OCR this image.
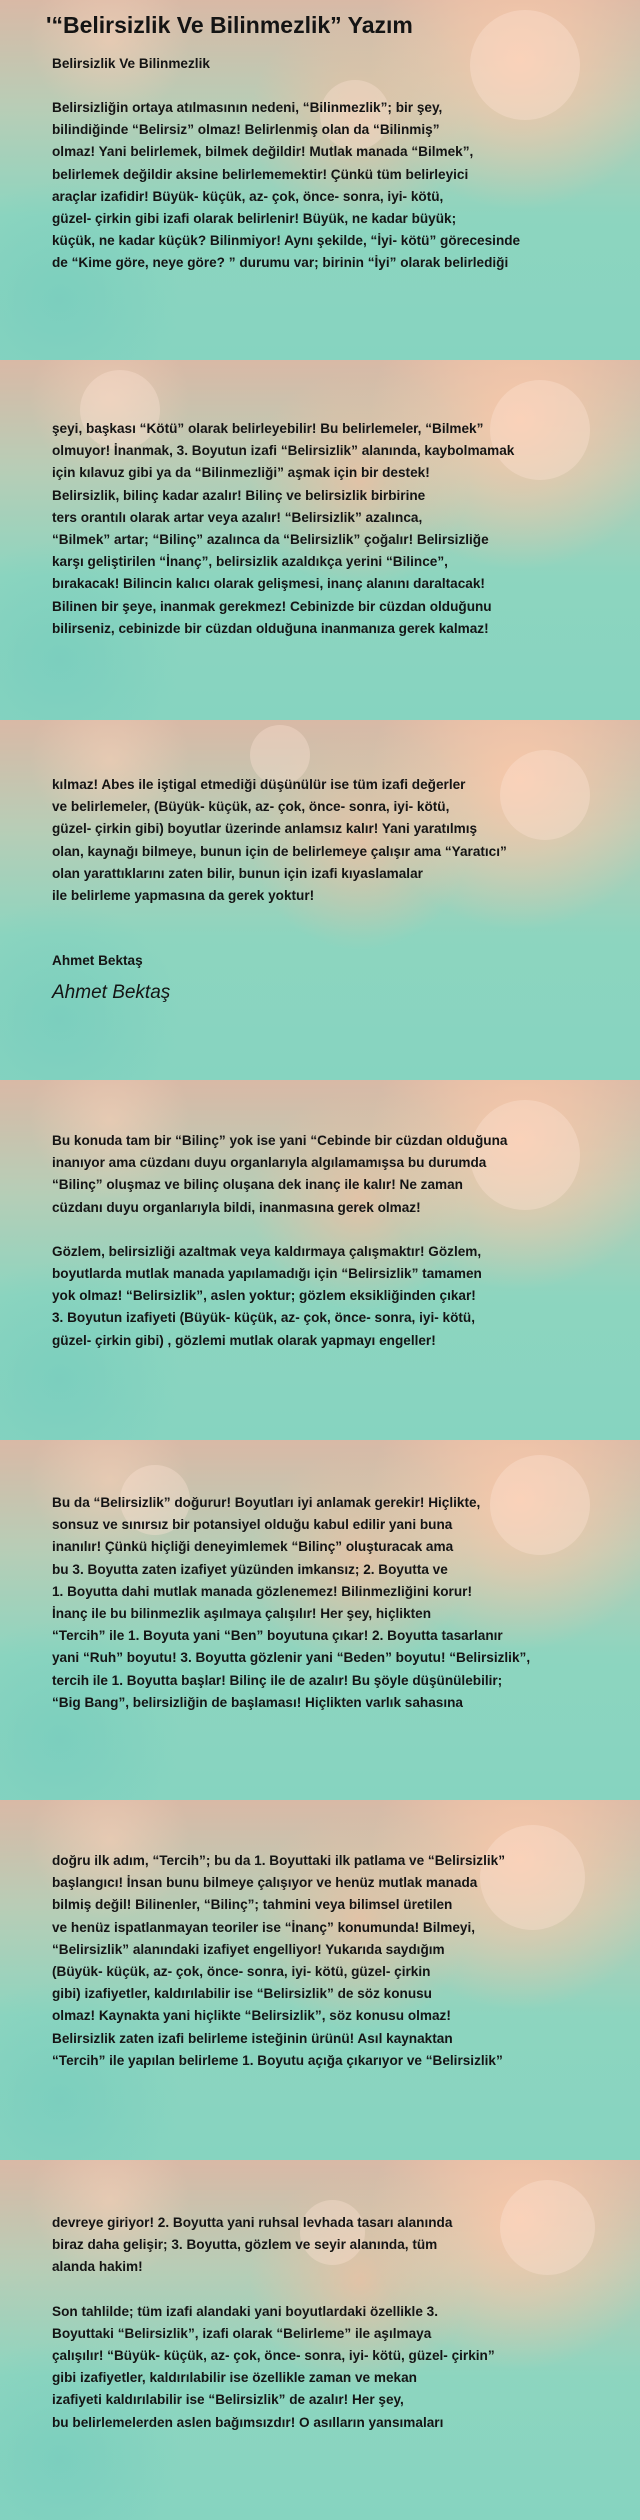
'“Belirsizlik Ve Bilinmezlik” Yazım
Belirsizlik Ve Bilinmezlik

Belirsizliğin ortaya atılmasının nedeni, “Bilinmezlik”; bir şey,
bilindiğinde “Belirsiz” olmaz! Belirlenmiş olan da “Bilinmiş”
olmaz! Yani belirlemek, bilmek değildir! Mutlak manada “Bilmek”,
belirlemek değildir aksine belirlememektir! Çünkü tüm belirleyici
araçlar izafidir! Büyük- küçük, az- çok, önce- sonra, iyi- kötü,
güzel- çirkin gibi izafi olarak belirlenir! Büyük, ne kadar büyük;
küçük, ne kadar küçük? Bilinmiyor! Aynı şekilde, “İyi- kötü” görecesinde
de “Kime göre, neye göre? ” durumu var; birinin “İyi” olarak belirlediği

şeyi, başkası “Kötü” olarak belirleyebilir! Bu belirlemeler, “Bilmek”
olmuyor! İnanmak, 3. Boyutun izafi “Belirsizlik” alanında, kaybolmamak
için kılavuz gibi ya da “Bilinmezliği” aşmak için bir destek!
Belirsizlik, bilinç kadar azalır! Bilinç ve belirsizlik birbirine
ters orantılı olarak artar veya azalır! “Belirsizlik” azalınca,
“Bilmek” artar; “Bilinç” azalınca da “Belirsizlik” çoğalır! Belirsizliğe
karşı geliştirilen “İnanç”, belirsizlik azaldıkça yerini “Bilince”,
bırakacak! Bilincin kalıcı olarak gelişmesi, inanç alanını daraltacak!
Bilinen bir şeye, inanmak gerekmez! Cebinizde bir cüzdan olduğunu
bilirseniz, cebinizde bir cüzdan olduğuna inanmanıza gerek kalmaz!

kılmaz! Abes ile iştigal etmediği düşünülür ise tüm izafi değerler
ve belirlemeler, (Büyük- küçük, az- çok, önce- sonra, iyi- kötü,
güzel- çirkin gibi) boyutlar üzerinde anlamsız kalır! Yani yaratılmış
olan, kaynağı bilmeye, bunun için de belirlemeye çalışır ama “Yaratıcı”
olan yarattıklarını zaten bilir, bunun için izafi kıyaslamalar
ile belirleme yapmasına da gerek yoktur!

Ahmet Bektaş
Ahmet Bektaş

Bu konuda tam bir “Bilinç” yok ise yani “Cebinde bir cüzdan olduğuna
inanıyor ama cüzdanı duyu organlarıyla algılamamışsa bu durumda
“Bilinç” oluşmaz ve bilinç oluşana dek inanç ile kalır! Ne zaman
cüzdanı duyu organlarıyla bildi, inanmasına gerek olmaz!

Gözlem, belirsizliği azaltmak veya kaldırmaya çalışmaktır! Gözlem,
boyutlarda mutlak manada yapılamadığı için “Belirsizlik” tamamen
yok olmaz! “Belirsizlik”, aslen yoktur; gözlem eksikliğinden çıkar!
3. Boyutun izafiyeti (Büyük- küçük, az- çok, önce- sonra, iyi- kötü,
güzel- çirkin gibi) , gözlemi mutlak olarak yapmayı engeller!

Bu da “Belirsizlik” doğurur! Boyutları iyi anlamak gerekir! Hiçlikte,
sonsuz ve sınırsız bir potansiyel olduğu kabul edilir yani buna
inanılır! Çünkü hiçliği deneyimlemek “Bilinç” oluşturacak ama
bu 3. Boyutta zaten izafiyet yüzünden imkansız; 2. Boyutta ve
1. Boyutta dahi mutlak manada gözlenemez! Bilinmezliğini korur!
İnanç ile bu bilinmezlik aşılmaya çalışılır! Her şey, hiçlikten
“Tercih” ile 1. Boyuta yani “Ben” boyutuna çıkar! 2. Boyutta tasarlanır
yani “Ruh” boyutu! 3. Boyutta gözlenir yani “Beden” boyutu! “Belirsizlik”,
tercih ile 1. Boyutta başlar! Bilinç ile de azalır! Bu şöyle düşünülebilir;
“Big Bang”, belirsizliğin de başlaması! Hiçlikten varlık sahasına

doğru ilk adım, “Tercih”; bu da 1. Boyuttaki ilk patlama ve “Belirsizlik”
başlangıcı! İnsan bunu bilmeye çalışıyor ve henüz mutlak manada
bilmiş değil! Bilinenler, “Bilinç”; tahmini veya bilimsel üretilen
ve henüz ispatlanmayan teoriler ise “İnanç” konumunda! Bilmeyi,
“Belirsizlik” alanındaki izafiyet engelliyor! Yukarıda saydığım
(Büyük- küçük, az- çok, önce- sonra, iyi- kötü, güzel- çirkin
gibi) izafiyetler, kaldırılabilir ise “Belirsizlik” de söz konusu
olmaz! Kaynakta yani hiçlikte “Belirsizlik”, söz konusu olmaz!
Belirsizlik zaten izafi belirleme isteğinin ürünü! Asıl kaynaktan
“Tercih” ile yapılan belirleme 1. Boyutu açığa çıkarıyor ve “Belirsizlik”

devreye giriyor! 2. Boyutta yani ruhsal levhada tasarı alanında
biraz daha gelişir; 3. Boyutta, gözlem ve seyir alanında, tüm
alanda hakim!

Son tahlilde; tüm izafi alandaki yani boyutlardaki özellikle 3.
Boyuttaki “Belirsizlik”, izafi olarak “Belirleme” ile aşılmaya
çalışılır! “Büyük- küçük, az- çok, önce- sonra, iyi- kötü, güzel- çirkin”
gibi izafiyetler, kaldırılabilir ise özellikle zaman ve mekan
izafiyeti kaldırılabilir ise “Belirsizlik” de azalır! Her şey,
bu belirlemelerden aslen bağımsızdır! O asılların yansımaları
